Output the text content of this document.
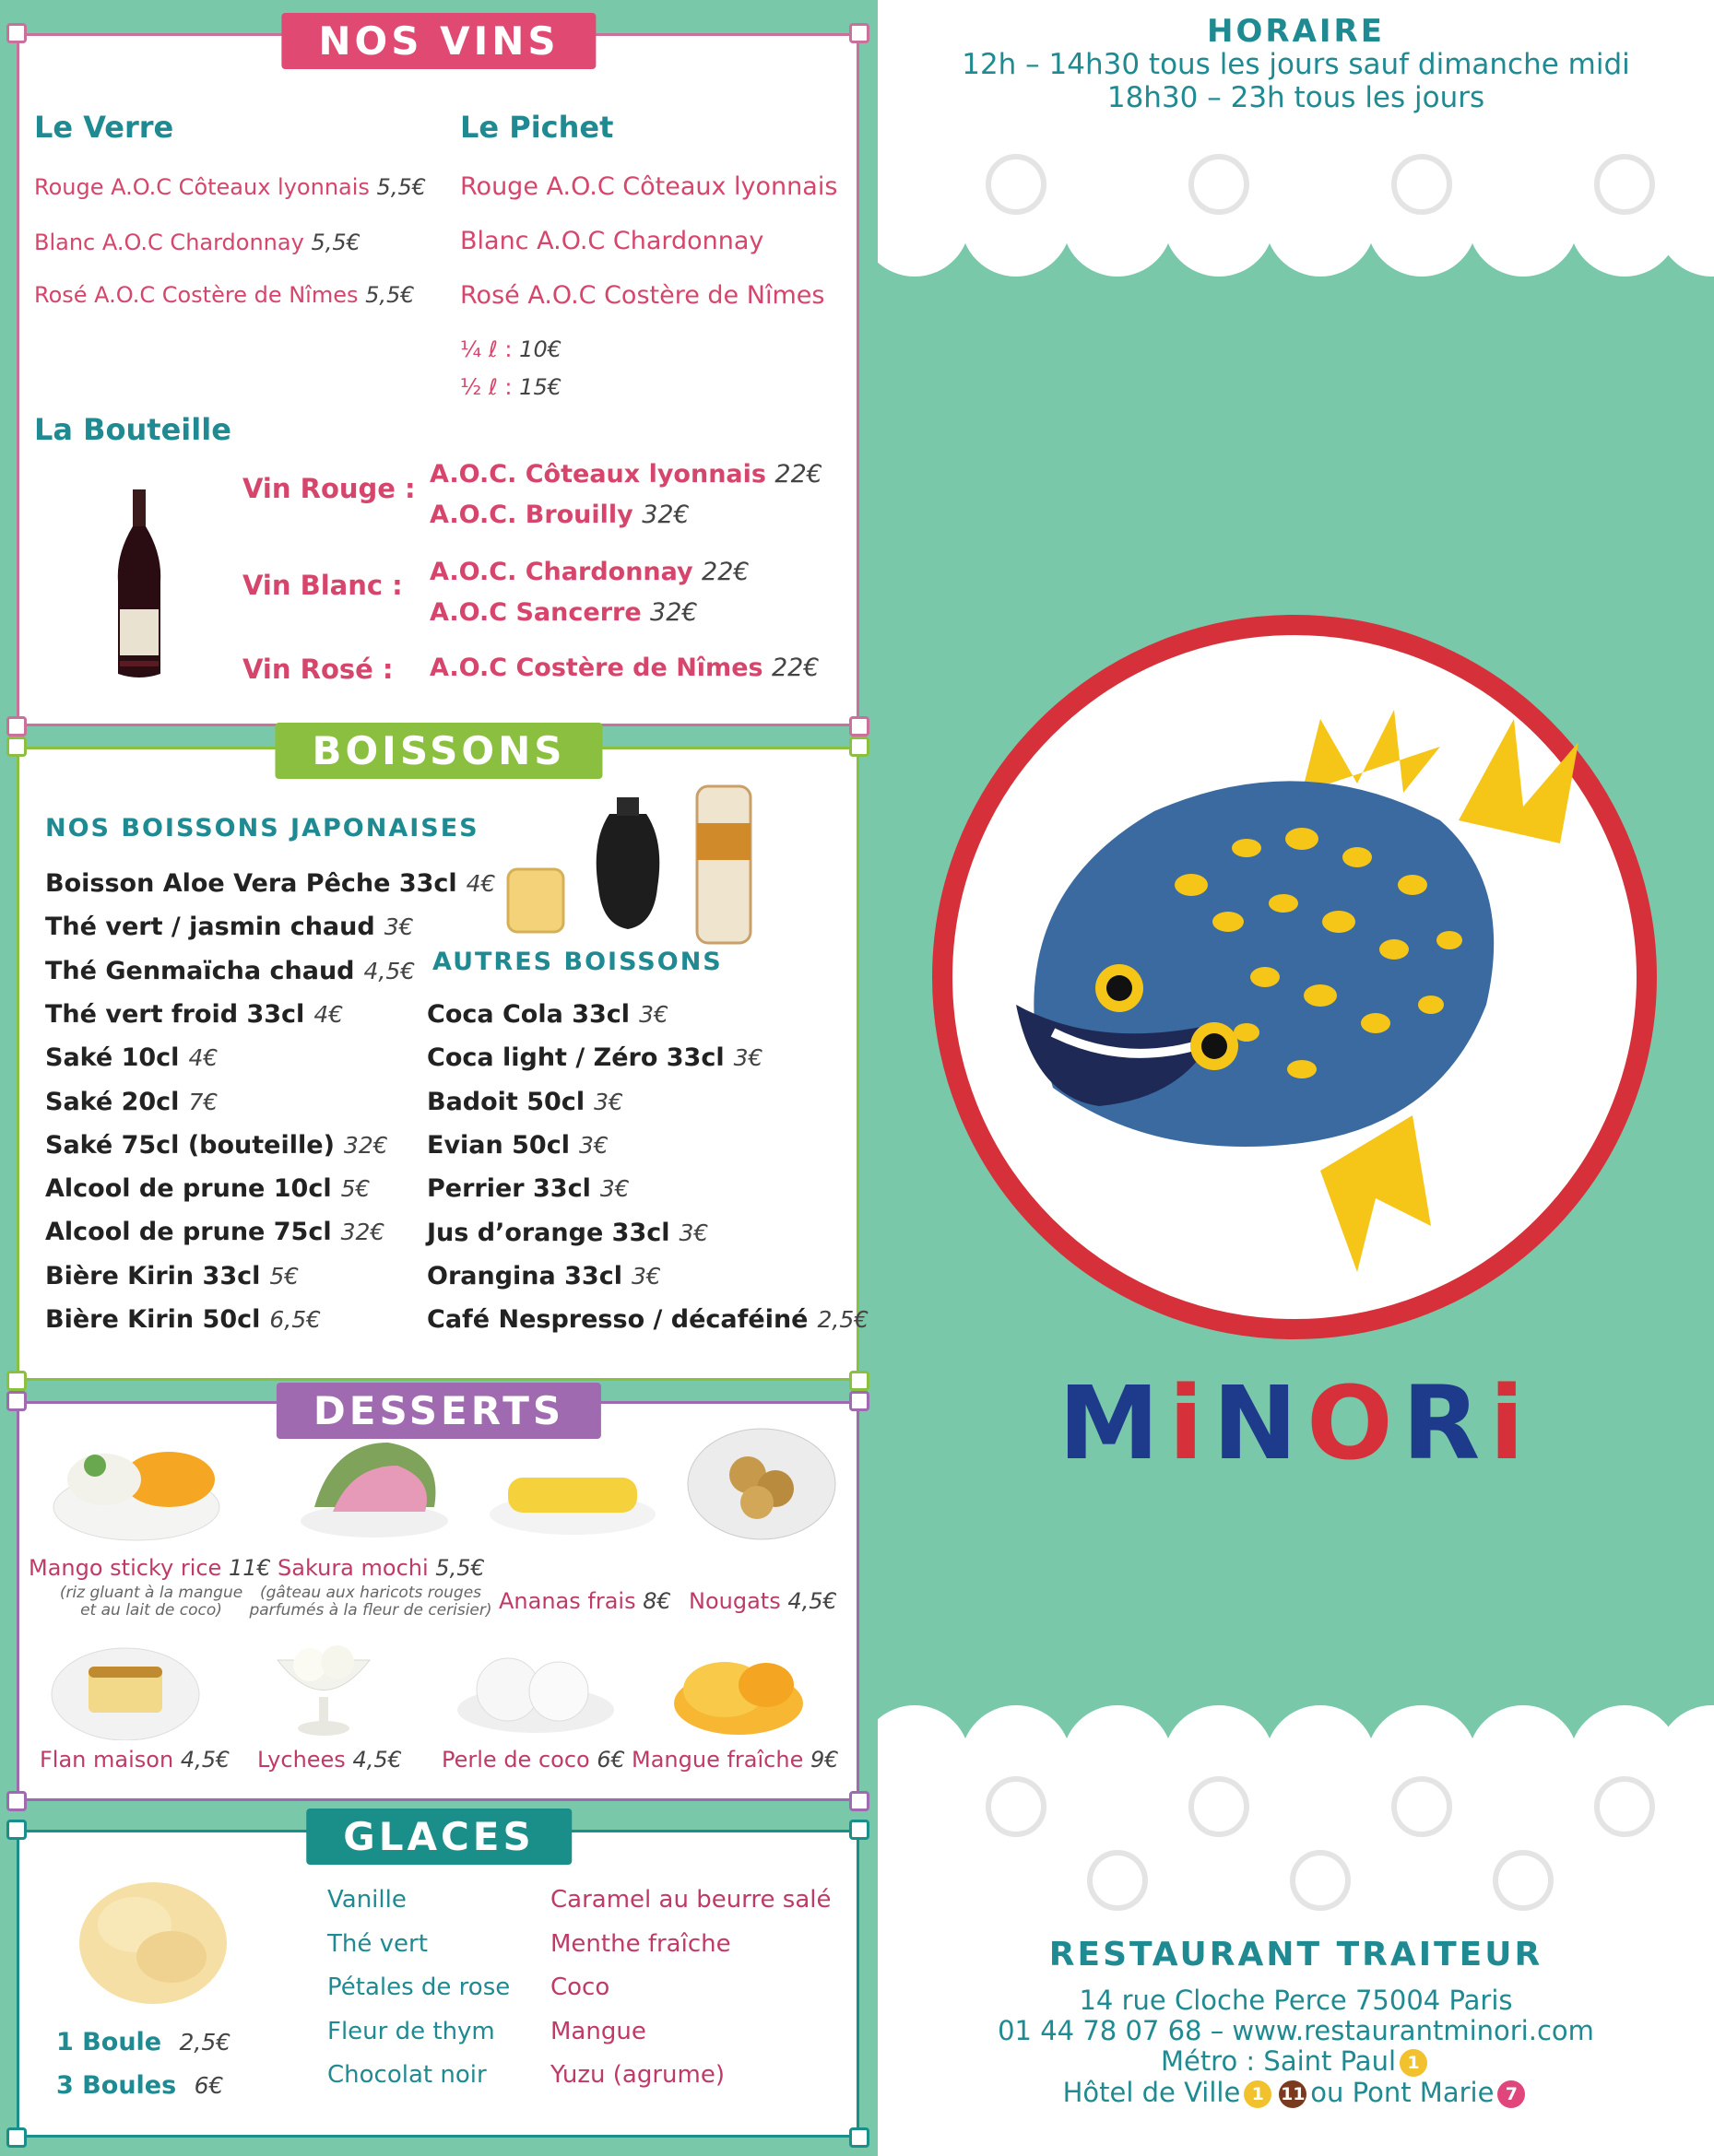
Le Verre
Rouge A.O.C Côteaux lyonnais 5,5€
Blanc A.O.C Chardonnay 5,5€
Rosé A.O.C Costère de Nîmes 5,5€
Le Pichet
Rouge A.O.C Côteaux lyonnais
Blanc A.O.C Chardonnay
Rosé A.O.C Costère de Nîmes
¼ ℓ : 10€
½ ℓ : 15€
La Bouteille
Vin Rouge : A.O.C. Côteaux lyonnais 22€
A.O.C. Brouilly 32€
Vin Blanc : A.O.C. Chardonnay 22€
A.O.C Sancerre 32€
Vin Rosé : A.O.C Costère de Nîmes 22€
NOS VINS
NOS BOISSONS JAPONAISES
AUTRES BOISSONS
Boisson Aloe Vera Pêche 33cl 4€
Thé vert / jasmin chaud 3€
Thé Genmaïcha chaud 4,5€
Thé vert froid 33cl 4€
Saké 10cl 4€
Saké 20cl 7€
Saké 75cl (bouteille) 32€
Alcool de prune 10cl 5€
Alcool de prune 75cl 32€
Bière Kirin 33cl 5€
Bière Kirin 50cl 6,5€
Coca Cola 33cl 3€
Coca light / Zéro 33cl 3€
Badoit 50cl 3€
Evian 50cl 3€
Perrier 33cl 3€
Jus d’orange 33cl 3€
Orangina 33cl 3€
Café Nespresso / décaféiné 2,5€
BOISSONS
Mango sticky rice 11€
(riz gluant à la mangue
et au lait de coco)
Sakura mochi 5,5€
(gâteau aux haricots rouges
parfumés à la fleur de cerisier) Ananas frais 8€ Nougats 4,5€
Flan maison 4,5€ Lychees 4,5€ Perle de coco 6€ Mangue fraîche 9€
DESSERTS
1 Boule 2,5€
3 Boules 6€
Vanille
Thé vert
Pétales de rose
Fleur de thym
Chocolat noir
Caramel au beurre salé
Menthe fraîche
Coco
Mangue
Yuzu (agrume)
GLACES
HORAIRE
12h – 14h30 tous les jours sauf dimanche midi
18h30 – 23h tous les jours
MiNORi
RESTAURANT TRAITEUR
14 rue Cloche Perce 75004 Paris
01 44 78 07 68 – www.restaurantminori.com
Métro : Saint Paul 1
Hôtel de Ville 1 11 ou Pont Marie 7
